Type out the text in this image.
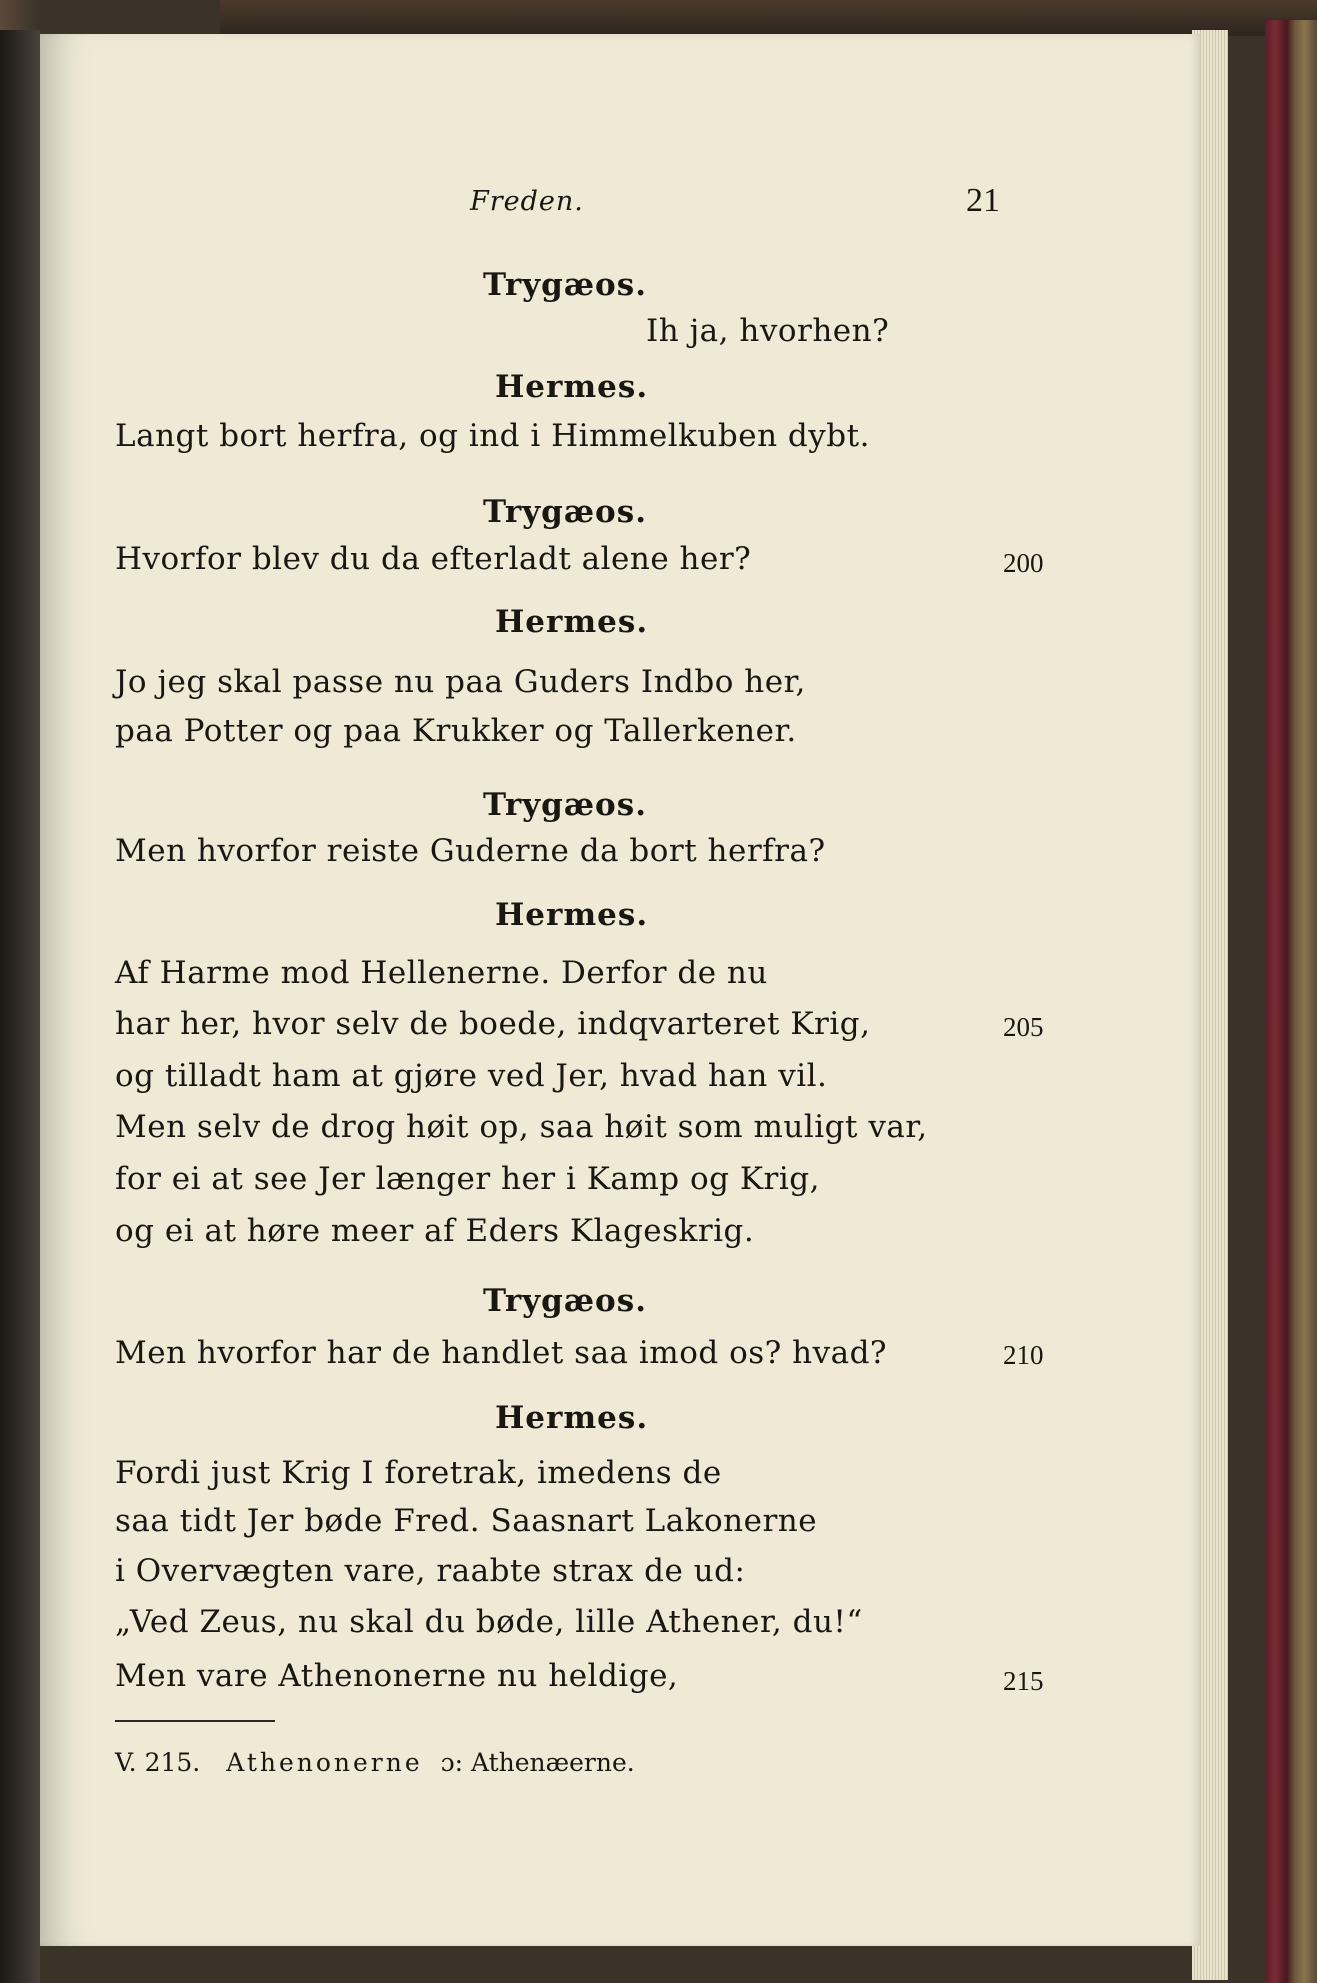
Freden.	21
Trygæos.
Ih ja, hvorhen?
Hermes.
Langt bort herfra, og ind i Himmelkuben dybt.
Trygæos.
Hvorfor blev du da efterladt alene her?
Hermes.
Jo jeg skal passe nu paa Guders Indbo her,
paa Potter og paa Krukker og Tallerkener.
Trygæos.
Men hvorfor reiste Guderne da bort herfra?
Hermes.
Af Harme mod Hellenerne. Derfor de nu
har her, hvor selv de boede, indqvarteret Krig,
og tilladt ham at gjøre ved Jer, hvad han vil.
Men selv de drog høit op, saa høit som muligt var,
for ei at see Jer længer her i Kamp og Krig,
og ei at høre meer af Eders Klageskrig.
Trygæos.
Men hvorfor har de handlet saa imod os? hvad?
Hermes.
Fordi just Krig I foretrak, imedens de
saa tidt Jer bøde Fred. Saasnart Lakonerne
i Overvægten vare, raabte strax de ud:
„Ved Zeus, nu skal du bøde, lille Athener, du!“
Men vare Athenonerne nu heldige,
200
205
210
215
V. 215. Athenonerne ɔ: Athenæerne.
